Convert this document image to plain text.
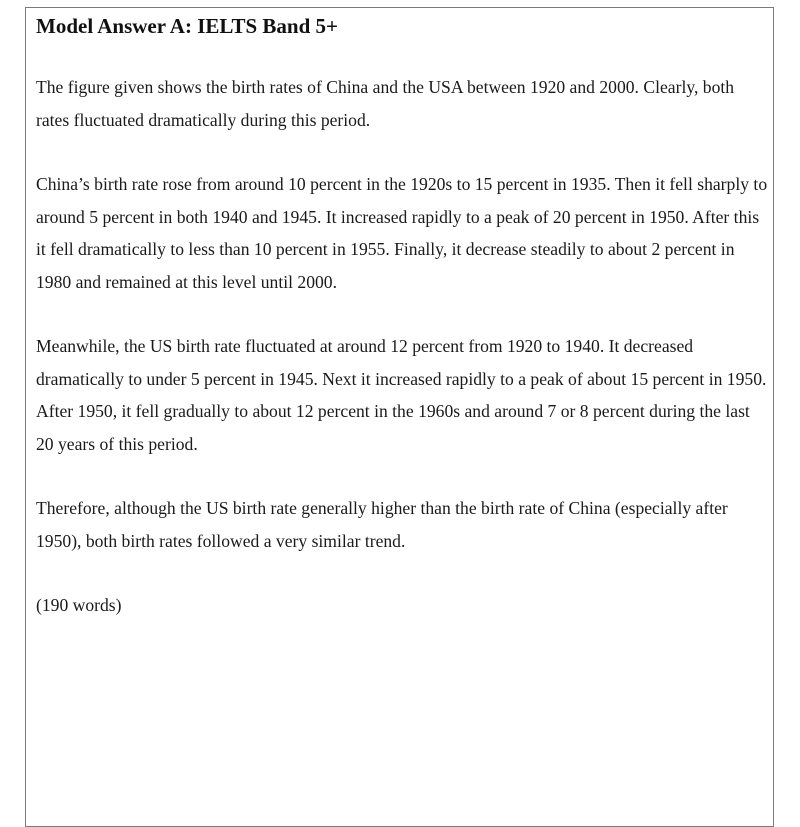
Model Answer A: IELTS Band 5+

The figure given shows the birth rates of China and the USA between 1920 and 2000. Clearly, both rates fluctuated dramatically during this period.

China’s birth rate rose from around 10 percent in the 1920s to 15 percent in 1935. Then it fell sharply to around 5 percent in both 1940 and 1945. It increased rapidly to a peak of 20 percent in 1950. After this it fell dramatically to less than 10 percent in 1955. Finally, it decrease steadily to about 2 percent in 1980 and remained at this level until 2000.

Meanwhile, the US birth rate fluctuated at around 12 percent from 1920 to 1940. It decreased dramatically to under 5 percent in 1945. Next it increased rapidly to a peak of about 15 percent in 1950. After 1950, it fell gradually to about 12 percent in the 1960s and around 7 or 8 percent during the last 20 years of this period.

Therefore, although the US birth rate generally higher than the birth rate of China (especially after 1950), both birth rates followed a very similar trend.

(190 words)
